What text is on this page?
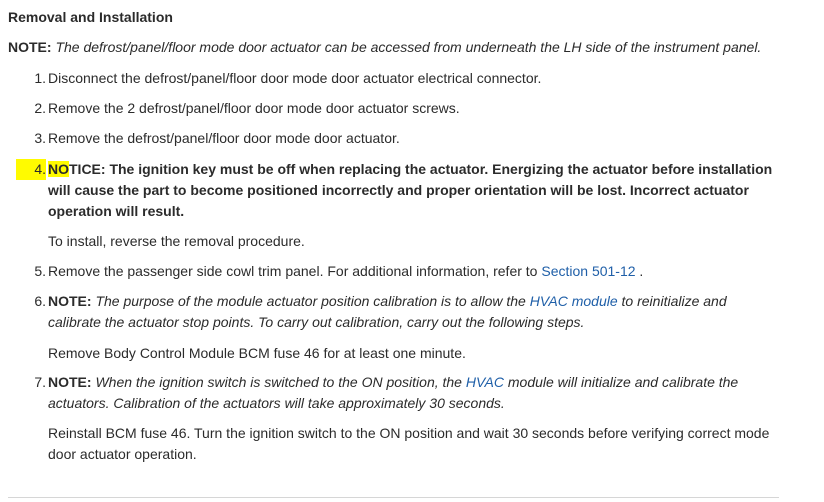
Removal and Installation
NOTE: The defrost/panel/floor mode door actuator can be accessed from underneath the LH side of the instrument panel.
1. Disconnect the defrost/panel/floor door mode door actuator electrical connector.
2. Remove the 2 defrost/panel/floor door mode door actuator screws.
3. Remove the defrost/panel/floor door mode door actuator.
4. NOTICE: The ignition key must be off when replacing the actuator. Energizing the actuator before installation will cause the part to become positioned incorrectly and proper orientation will be lost. Incorrect actuator operation will result.
To install, reverse the removal procedure.
5. Remove the passenger side cowl trim panel. For additional information, refer to Section 501-12 .
6. NOTE: The purpose of the module actuator position calibration is to allow the HVAC module to reinitialize and calibrate the actuator stop points. To carry out calibration, carry out the following steps.
Remove Body Control Module BCM fuse 46 for at least one minute.
7. NOTE: When the ignition switch is switched to the ON position, the HVAC module will initialize and calibrate the actuators. Calibration of the actuators will take approximately 30 seconds.
Reinstall BCM fuse 46. Turn the ignition switch to the ON position and wait 30 seconds before verifying correct mode door actuator operation.
